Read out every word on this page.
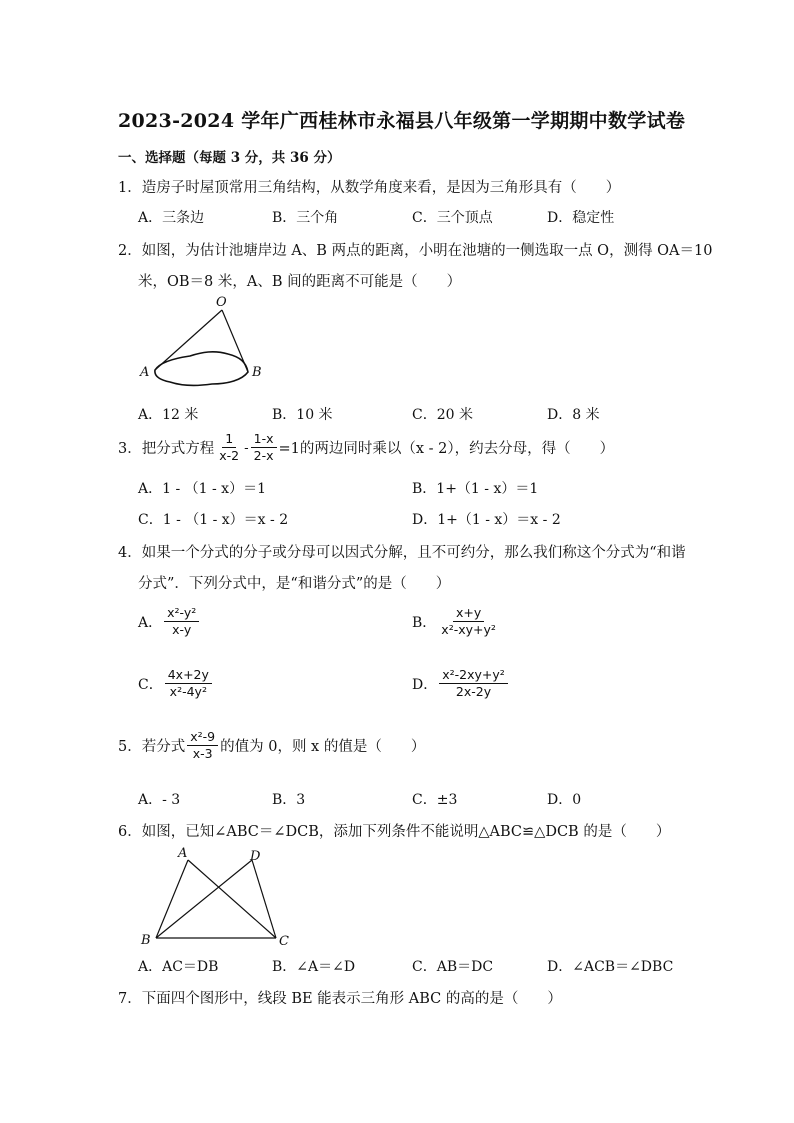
2023-2024 学年广西桂林市永福县八年级第一学期期中数学试卷
一、选择题（每题 3 分，共 36 分）
1．造房子时屋顶常用三角结构，从数学角度来看，是因为三角形具有（　　）
A．三条边	B．三个角	C．三个顶点	D．稳定性
2．如图，为估计池塘岸边 A、B 两点的距离，小明在池塘的一侧选取一点 O，测得 OA＝10
米，OB＝8 米，A、B 间的距离不可能是（　　）
O
A	B
A．12 米	B．10 米	C．20 米	D．8 米
3．把分式方程 $\frac{1}{x-2} - \frac{1-x}{2-x} =1$的两边同时乘以（x - 2），约去分母，得（　　）
A．1 - （1 - x）＝1	B．1+（1 - x）＝1
C．1 - （1 - x）＝x - 2	D．1+（1 - x）＝x - 2
4．如果一个分式的分子或分母可以因式分解，且不可约分，那么我们称这个分式为“和谐
分式”．下列分式中，是“和谐分式”的是（　　）
A． $\frac{\text{x²-y²}}{x-y}$	B． $\frac{x+y}{\text{x²-xy+y²}}$
C． $\frac{4x+2y}{\text{x²-4y²}}$	D． $\frac{\text{x²-2xy+y²}}{2x-2y}$
5．若分式 $\frac{\text{x²-9}}{x-3}$ 的值为 0，则 x 的值是（　　）
A．- 3	B．3	C．±3	D．0
6．如图，已知∠ABC＝∠DCB，添加下列条件不能说明△ABC≌△DCB 的是（　　）
A	D
B	C
A．AC＝DB	B．∠A＝∠D	C．AB＝DC	D．∠ACB＝∠DBC
7．下面四个图形中，线段 BE 能表示三角形 ABC 的高的是（　　）
